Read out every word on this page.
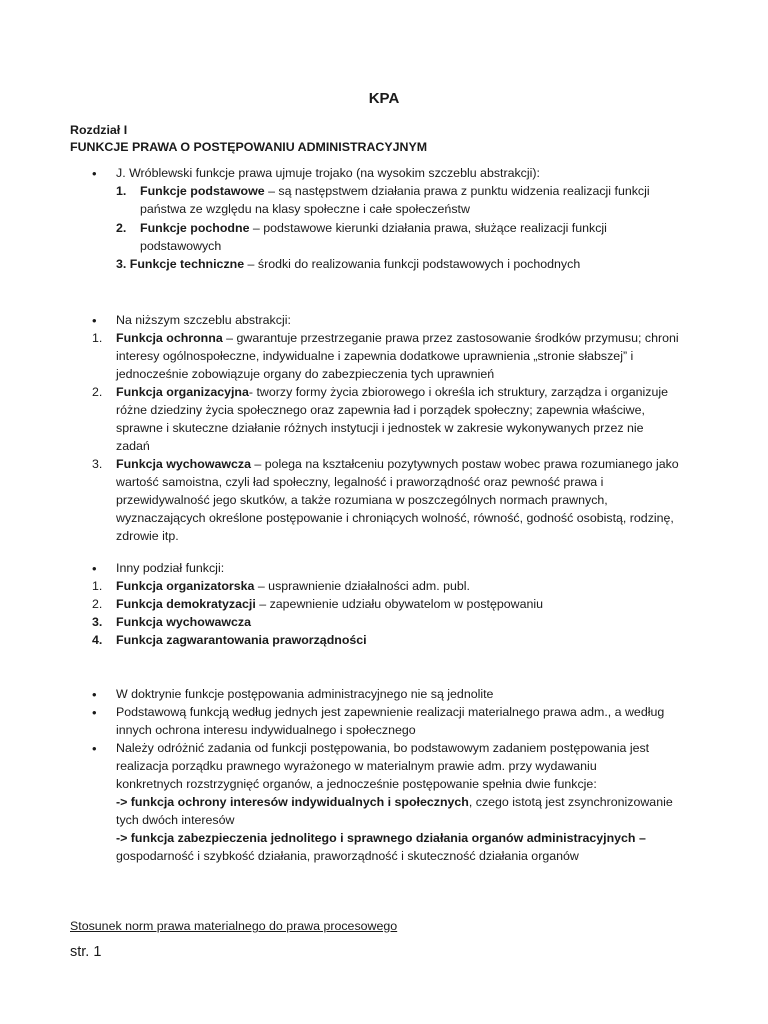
KPA
Rozdział I
FUNKCJE PRAWA O POSTĘPOWANIU ADMINISTRACYJNYM
•
J. Wróblewski funkcje prawa ujmuje trojako (na wysokim szczeblu abstrakcji):
1. Funkcje podstawowe – są następstwem działania prawa z punktu widzenia realizacji funkcji
państwa ze względu na klasy społeczne i całe społeczeństw
2. Funkcje pochodne – podstawowe kierunki działania prawa, służące realizacji funkcji
podstawowych
3. Funkcje techniczne – środki do realizowania funkcji podstawowych i pochodnych
•
Na niższym szczeblu abstrakcji:
1. Funkcja ochronna – gwarantuje przestrzeganie prawa przez zastosowanie środków przymusu; chroni
interesy ogólnospołeczne, indywidualne i zapewnia dodatkowe uprawnienia „stronie słabszej” i
jednocześnie zobowiązuje organy do zabezpieczenia tych uprawnień
2. Funkcja organizacyjna- tworzy formy życia zbiorowego i określa ich struktury, zarządza i organizuje
różne dziedziny życia społecznego oraz zapewnia ład i porządek społeczny; zapewnia właściwe,
sprawne i skuteczne działanie różnych instytucji i jednostek w zakresie wykonywanych przez nie
zadań
3. Funkcja wychowawcza – polega na kształceniu pozytywnych postaw wobec prawa rozumianego jako
wartość samoistna, czyli ład społeczny, legalność i praworządność oraz pewność prawa i
przewidywalność jego skutków, a także rozumiana w poszczególnych normach prawnych,
wyznaczających określone postępowanie i chroniących wolność, równość, godność osobistą, rodzinę,
zdrowie itp.
•
Inny podział funkcji:
1. Funkcja organizatorska – usprawnienie działalności adm. publ.
2. Funkcja demokratyzacji – zapewnienie udziału obywatelom w postępowaniu
3. Funkcja wychowawcza
4. Funkcja zagwarantowania praworządności
•
W doktrynie funkcje postępowania administracyjnego nie są jednolite
•
Podstawową funkcją według jednych jest zapewnienie realizacji materialnego prawa adm., a według
innych ochrona interesu indywidualnego i społecznego
•
Należy odróżnić zadania od funkcji postępowania, bo podstawowym zadaniem postępowania jest
realizacja porządku prawnego wyrażonego w materialnym prawie adm. przy wydawaniu
konkretnych rozstrzygnięć organów, a jednocześnie postępowanie spełnia dwie funkcje:
-> funkcja ochrony interesów indywidualnych i społecznych, czego istotą jest zsynchronizowanie
tych dwóch interesów
-> funkcja zabezpieczenia jednolitego i sprawnego działania organów administracyjnych –
gospodarność i szybkość działania, praworządność i skuteczność działania organów
Stosunek norm prawa materialnego do prawa procesowego
str. 1
